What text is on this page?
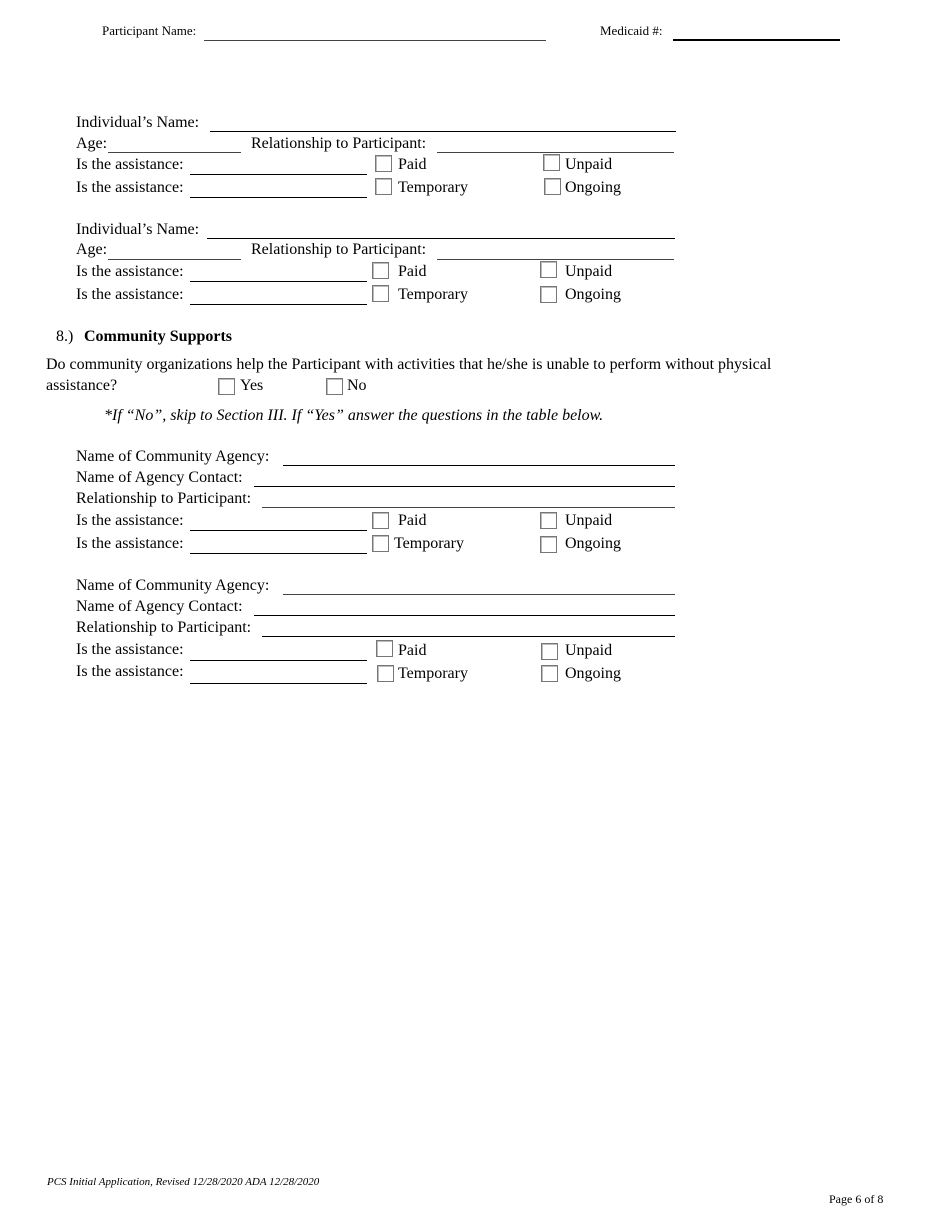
Participant Name:	Medicaid #:
Individual’s Name:
Age:	Relationship to Participant:
Is the assistance:	Paid	Unpaid
Is the assistance:	Temporary	Ongoing
Individual’s Name:
Age:	Relationship to Participant:
Is the assistance:	Paid	Unpaid
Is the assistance:	Temporary	Ongoing
8.) Community Supports
Do community organizations help the Participant with activities that he/she is unable to perform without physical
assistance?	Yes	No
*If “No”, skip to Section III. If “Yes” answer the questions in the table below.
Name of Community Agency:
Name of Agency Contact:
Relationship to Participant:
Is the assistance:	Paid	Unpaid
Is the assistance:	Temporary	Ongoing
Name of Community Agency:
Name of Agency Contact:
Relationship to Participant:
Is the assistance:	Paid	Unpaid
Is the assistance:	Temporary	Ongoing
PCS Initial Application, Revised 12/28/2020 ADA 12/28/2020
Page 6 of 8
